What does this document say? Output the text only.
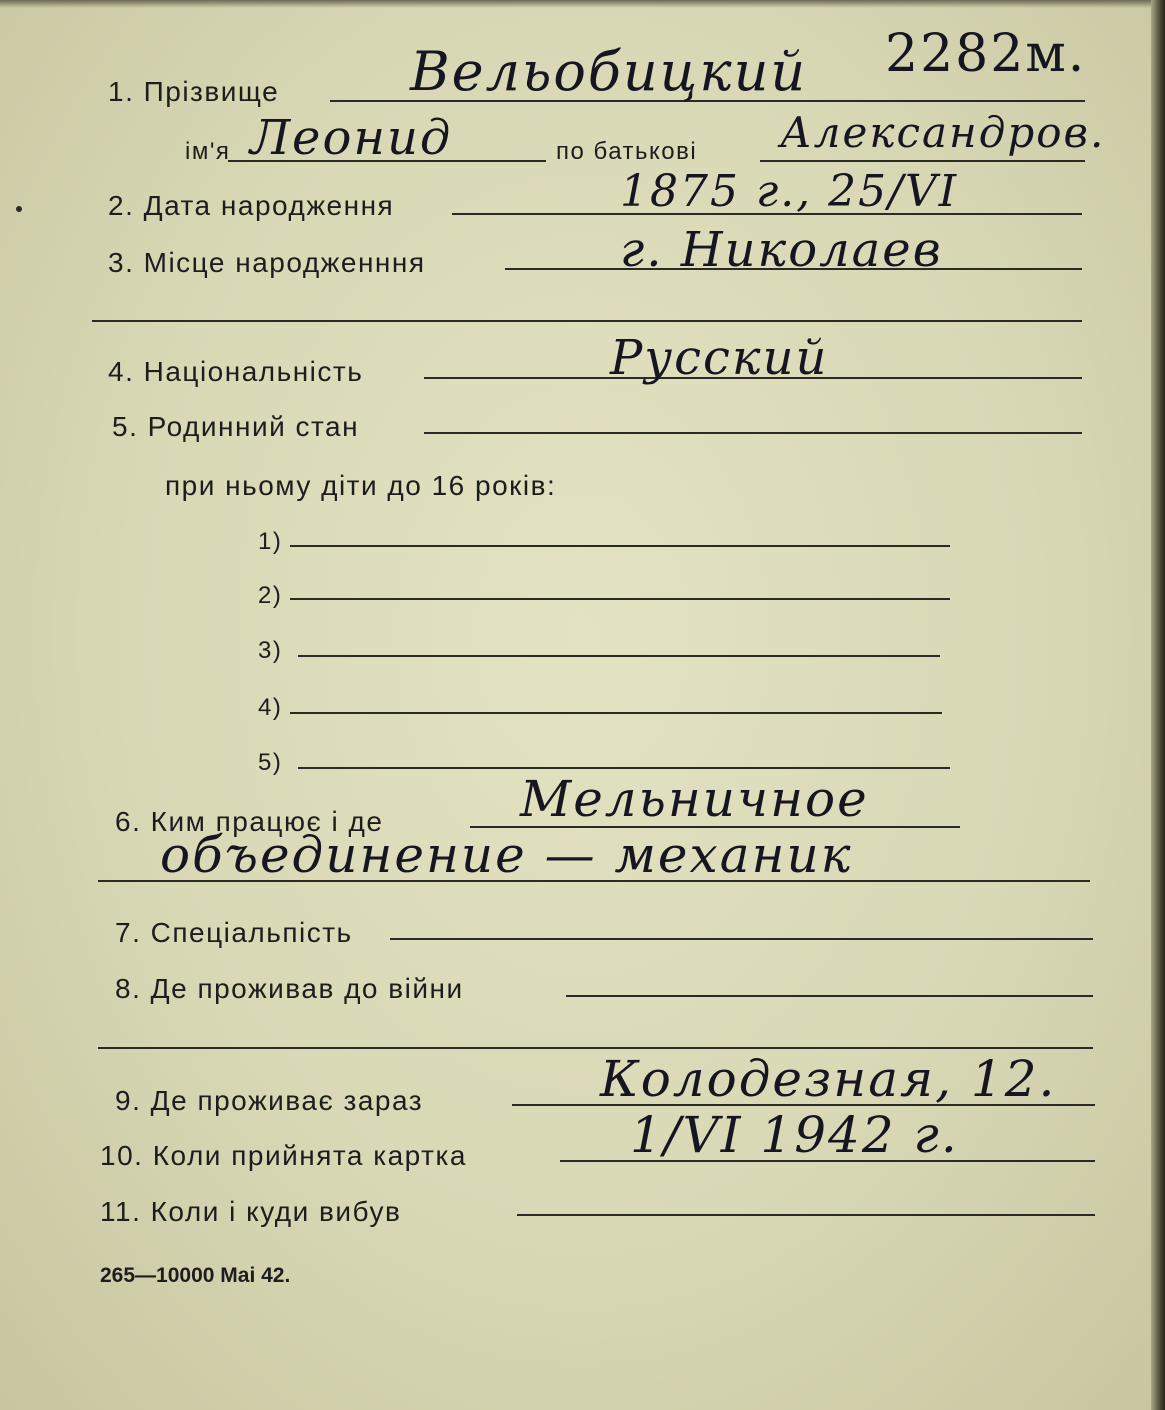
1. Прізвище Вельобицкий 2282м.
ім'я Леонид	по батькові Александров.
2. Дата народження	1875 г., 25/VI
3. Місце народженння	г. Николаев
4. Національність	Русский
5. Родинний стан
при ньому діти до 16 років:
1)
2)
3)
4)
5)
6. Ким працює і де	Мельничное
объединение — механик
7. Спеціальпість
8. Де проживав до війни
9. Де проживає зараз	Колодезная, 12.
10. Коли прийнята картка	1/VI 1942 г.
11. Коли і куди вибув
265—10000 Mai 42.
